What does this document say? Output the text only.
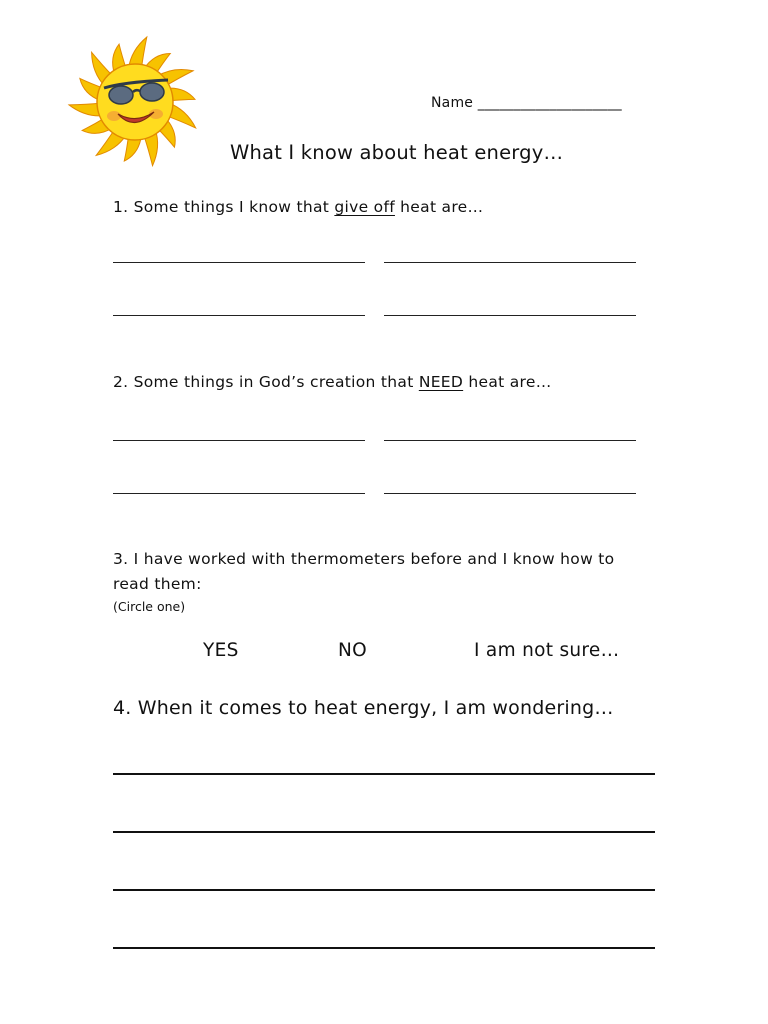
Name ____________________
What I know about heat energy…
1. Some things I know that give off heat are…
2. Some things in God’s creation that NEED heat are…
3. I have worked with thermometers before and I know how to
read them:
(Circle one)
YES	NO	I am not sure…
4. When it comes to heat energy, I am wondering…
